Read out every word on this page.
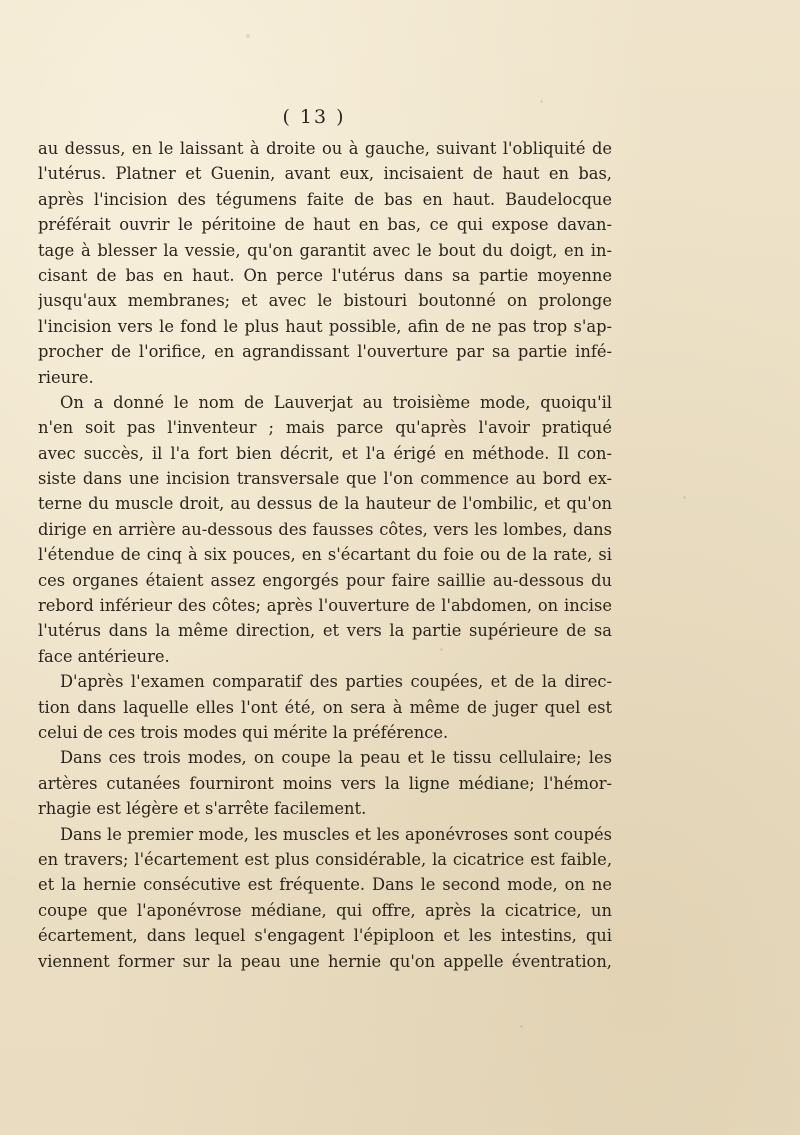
( 13 )
au dessus, en le laissant à droite ou à gauche, suivant l'obliquité de
l'utérus. Platner et Guenin, avant eux, incisaient de haut en bas,
après l'incision des tégumens faite de bas en haut. Baudelocque
préférait ouvrir le péritoine de haut en bas, ce qui expose davan-
tage à blesser la vessie, qu'on garantit avec le bout du doigt, en in-
cisant de bas en haut. On perce l'utérus dans sa partie moyenne
jusqu'aux membranes; et avec le bistouri boutonné on prolonge
l'incision vers le fond le plus haut possible, afin de ne pas trop s'ap-
procher de l'orifice, en agrandissant l'ouverture par sa partie infé-
rieure.
On a donné le nom de Lauverjat au troisième mode, quoiqu'il
n'en soit pas l'inventeur ; mais parce qu'après l'avoir pratiqué
avec succès, il l'a fort bien décrit, et l'a érigé en méthode. Il con-
siste dans une incision transversale que l'on commence au bord ex-
terne du muscle droit, au dessus de la hauteur de l'ombilic, et qu'on
dirige en arrière au-dessous des fausses côtes, vers les lombes, dans
l'étendue de cinq à six pouces, en s'écartant du foie ou de la rate, si
ces organes étaient assez engorgés pour faire saillie au-dessous du
rebord inférieur des côtes; après l'ouverture de l'abdomen, on incise
l'utérus dans la même direction, et vers la partie supérieure de sa
face antérieure.
D'après l'examen comparatif des parties coupées, et de la direc-
tion dans laquelle elles l'ont été, on sera à même de juger quel est
celui de ces trois modes qui mérite la préférence.
Dans ces trois modes, on coupe la peau et le tissu cellulaire; les
artères cutanées fourniront moins vers la ligne médiane; l'hémor-
rhagie est légère et s'arrête facilement.
Dans le premier mode, les muscles et les aponévroses sont coupés
en travers; l'écartement est plus considérable, la cicatrice est faible,
et la hernie consécutive est fréquente. Dans le second mode, on ne
coupe que l'aponévrose médiane, qui offre, après la cicatrice, un
écartement, dans lequel s'engagent l'épiploon et les intestins, qui
viennent former sur la peau une hernie qu'on appelle éventration,
